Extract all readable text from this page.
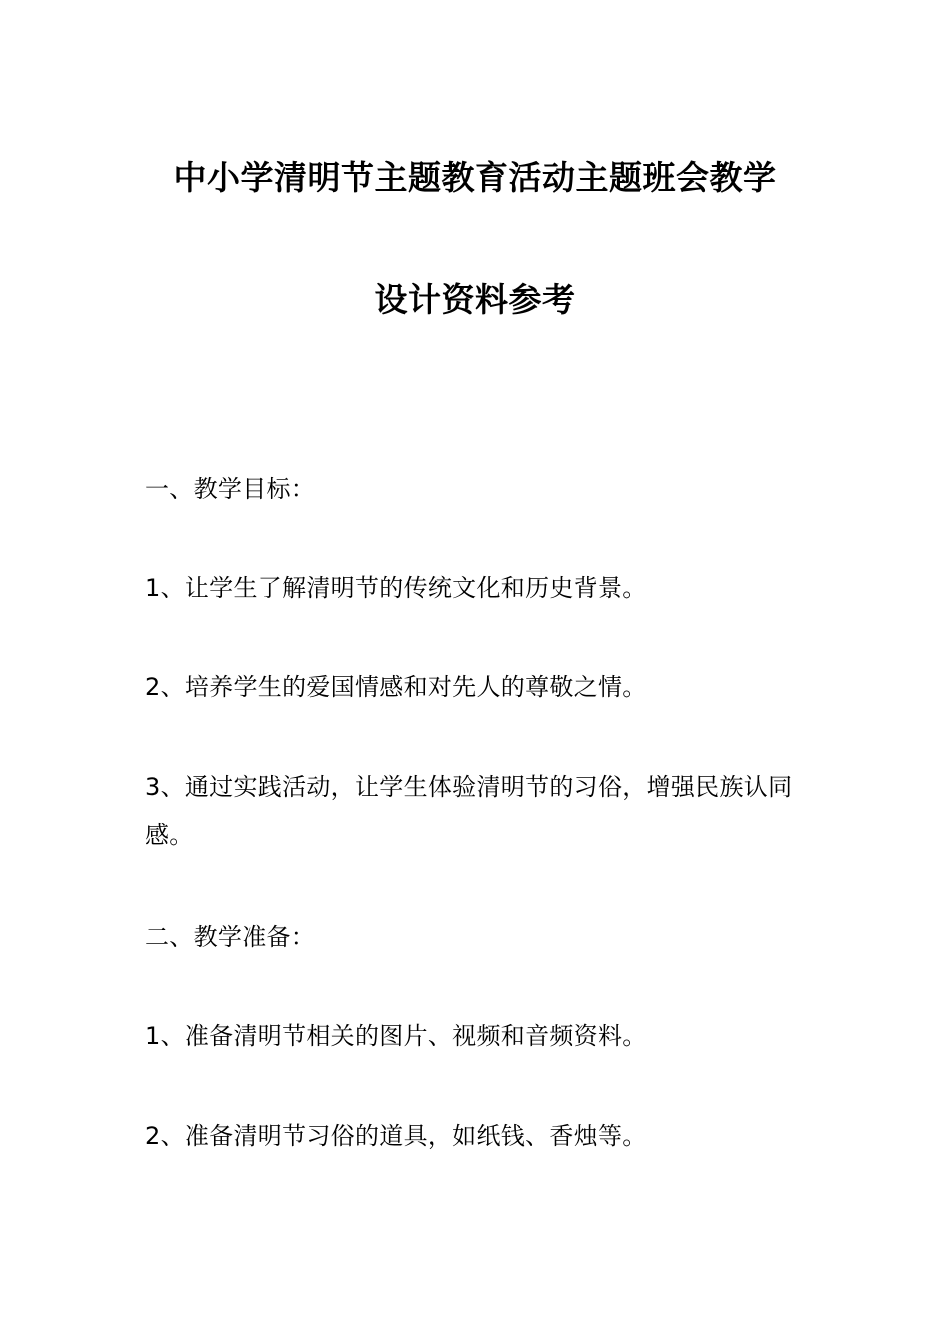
中小学清明节主题教育活动主题班会教学
设计资料参考
一、教学目标：
1、让学生了解清明节的传统文化和历史背景。
2、培养学生的爱国情感和对先人的尊敬之情。
3、通过实践活动，让学生体验清明节的习俗，增强民族认同感。
二、教学准备：
1、准备清明节相关的图片、视频和音频资料。
2、准备清明节习俗的道具，如纸钱、香烛等。
